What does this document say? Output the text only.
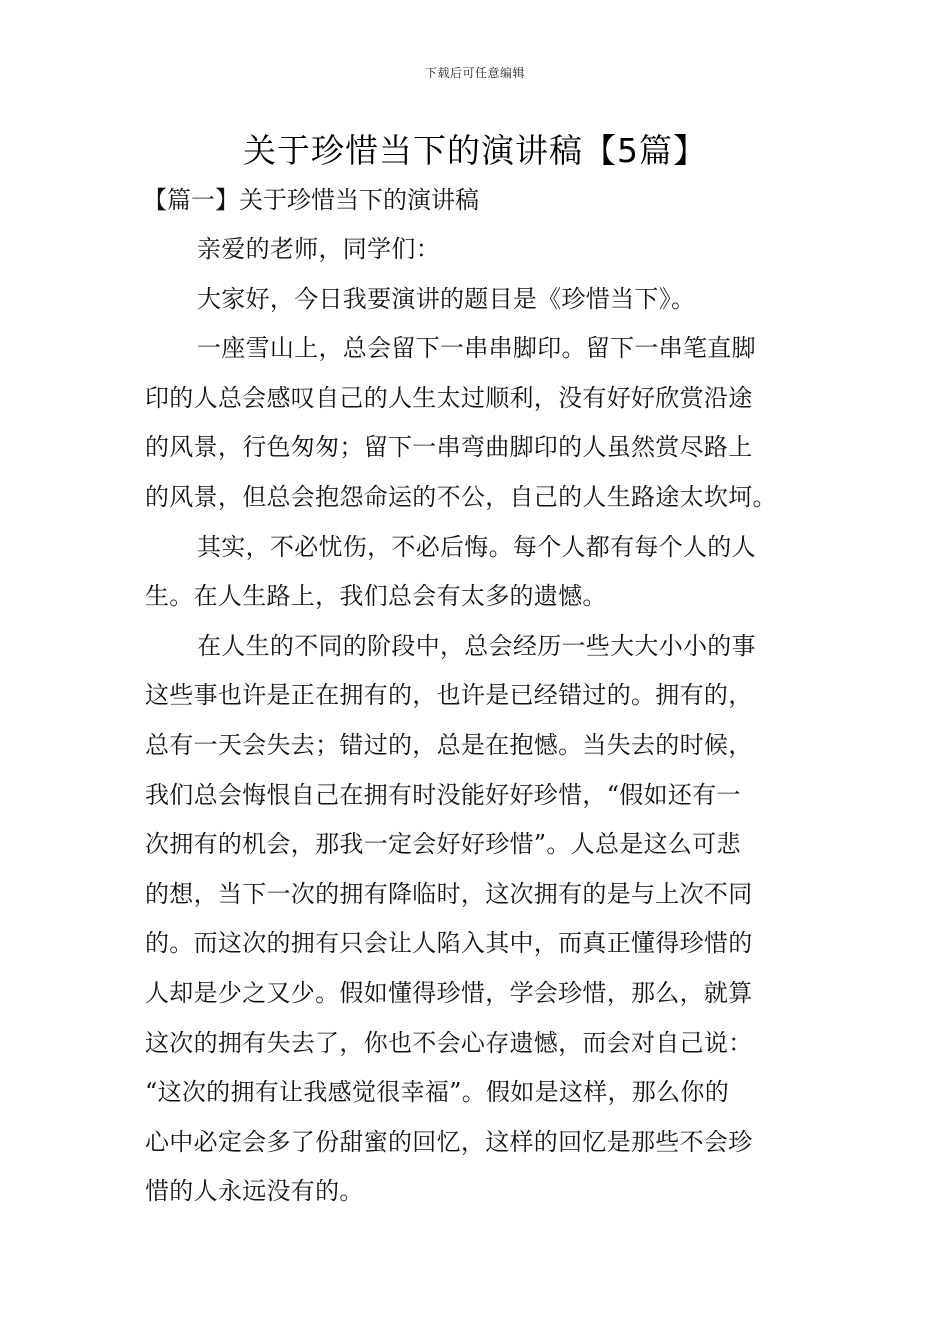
下载后可任意编辑
关于珍惜当下的演讲稿【5篇】
【篇一】关于珍惜当下的演讲稿

亲爱的老师，同学们：

大家好，今日我要演讲的题目是《珍惜当下》。

一座雪山上，总会留下一串串脚印。留下一串笔直脚
印的人总会感叹自己的人生太过顺利，没有好好欣赏沿途
的风景，行色匆匆；留下一串弯曲脚印的人虽然赏尽路上
的风景，但总会抱怨命运的不公，自己的人生路途太坎坷。

其实，不必忧伤，不必后悔。每个人都有每个人的人
生。在人生路上，我们总会有太多的遗憾。

在人生的不同的阶段中，总会经历一些大大小小的事
这些事也许是正在拥有的，也许是已经错过的。拥有的，
总有一天会失去；错过的，总是在抱憾。当失去的时候，
我们总会悔恨自己在拥有时没能好好珍惜，“假如还有一
次拥有的机会，那我一定会好好珍惜”。人总是这么可悲
的想，当下一次的拥有降临时，这次拥有的是与上次不同
的。而这次的拥有只会让人陷入其中，而真正懂得珍惜的
人却是少之又少。假如懂得珍惜，学会珍惜，那么，就算
这次的拥有失去了，你也不会心存遗憾，而会对自己说：
“这次的拥有让我感觉很幸福”。假如是这样，那么你的
心中必定会多了份甜蜜的回忆，这样的回忆是那些不会珍
惜的人永远没有的。
